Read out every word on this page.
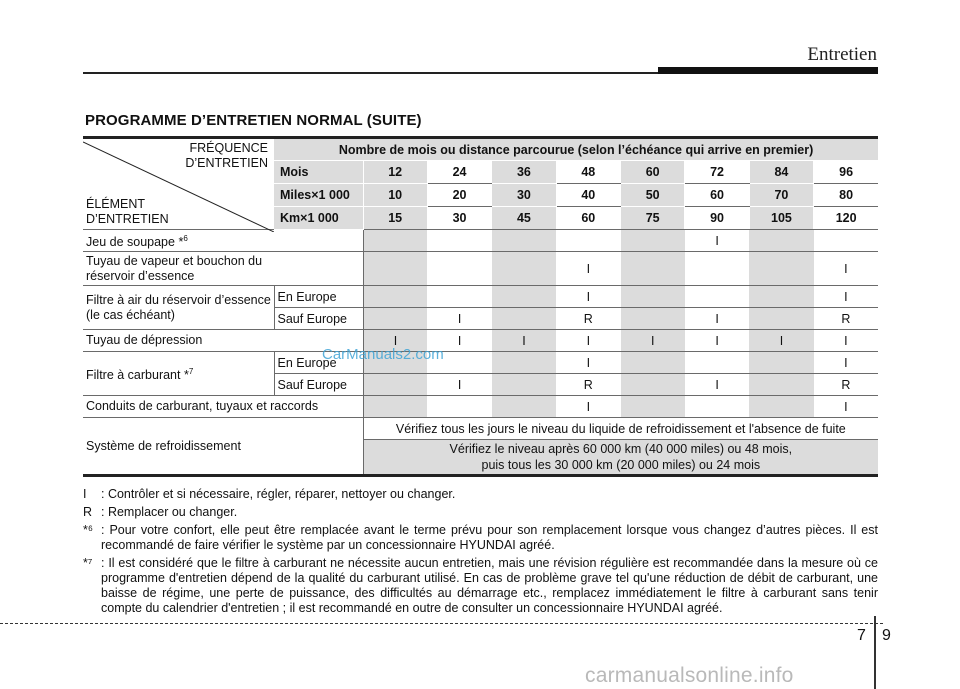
Entretien
PROGRAMME D’ENTRETIEN NORMAL (SUITE)
FRÉQUENCE
D’ENTRETIEN
ÉLÉMENT
D’ENTRETIEN	Nombre de mois ou distance parcourue (selon l’échéance qui arrive en premier)								
	Mois	12	24	36	48	60	72	84	96
	Miles×1 000	10	20	30	40	50	60	70	80
	Km×1 000	15	30	45	60	75	90	105	120
Jeu de soupape *$^6$							I		
Tuyau de vapeur et bouchon du réservoir d’essence					I				I
Filtre à air du réservoir d’essence (le cas échéant)	En Europe				I				I
	Sauf Europe		I		R		I		R
Tuyau de dépression		I	I	I	I	I	I	I	I
Filtre à carburant *$^7$	En Europe				I				I
	Sauf Europe		I		R		I		R
Conduits de carburant, tuyaux et raccords					I				I
Système de refroidissement		Vérifiez tous les jours le niveau du liquide de refroidissement et l'absence de fuite							

		Vérifiez le niveau après 60 000 km (40 000 miles) ou 48 mois,
puis tous les 30 000 km (20 000 miles) ou 24 mois							
CarManuals2.com
I	: Contrôler et si nécessaire, régler, réparer, nettoyer ou changer.
R : Remplacer ou changer.
*⁶ : Pour votre confort, elle peut être remplacée avant le terme prévu pour son remplacement lorsque vous changez d’autres pièces. Il est recommandé de faire vérifier le système par un concessionnaire HYUNDAI agréé.
*⁷ : Il est considéré que le filtre à carburant ne nécessite aucun entretien, mais une révision régulière est recommandée dans la mesure où ce programme d'entretien dépend de la qualité du carburant utilisé. En cas de problème grave tel qu'une réduction de débit de carburant, une baisse de régime, une perte de puissance, des difficultés au démarrage etc., remplacez immédiatement le filtre à carburant sans tenir compte du calendrier d'entretien ; il est recommandé en outre de consulter un concessionnaire HYUNDAI agréé.
7 9
carmanualsonline.info
